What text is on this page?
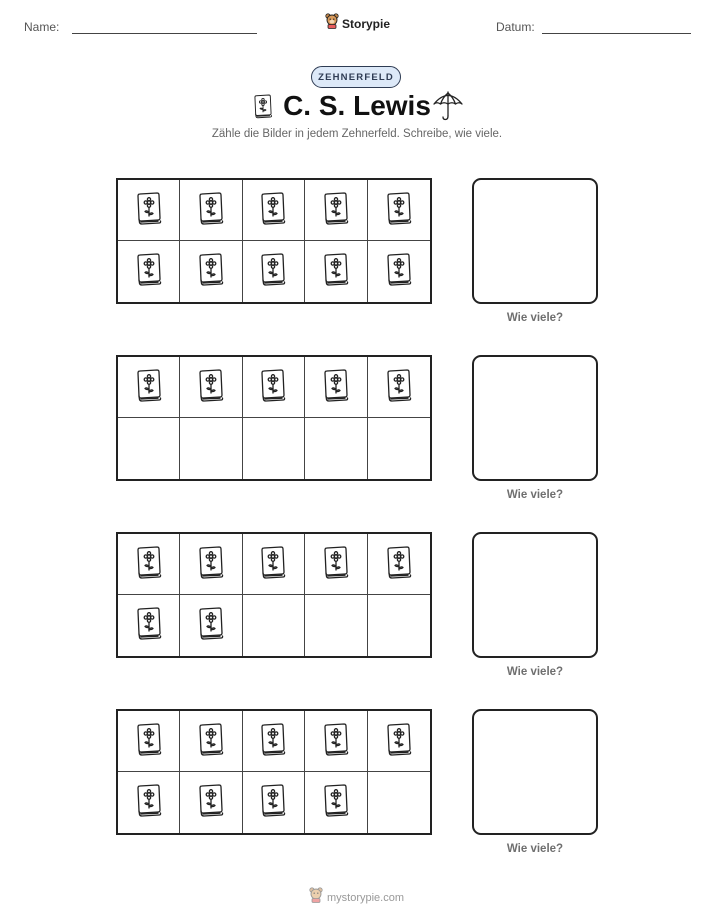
Name:	Storypie	Datum:
ZEHNERFELD
C. S. Lewis
Zähle die Bilder in jedem Zehnerfeld. Schreibe, wie viele.
Wie viele?
Wie viele?
Wie viele?
Wie viele?
mystorypie.com
